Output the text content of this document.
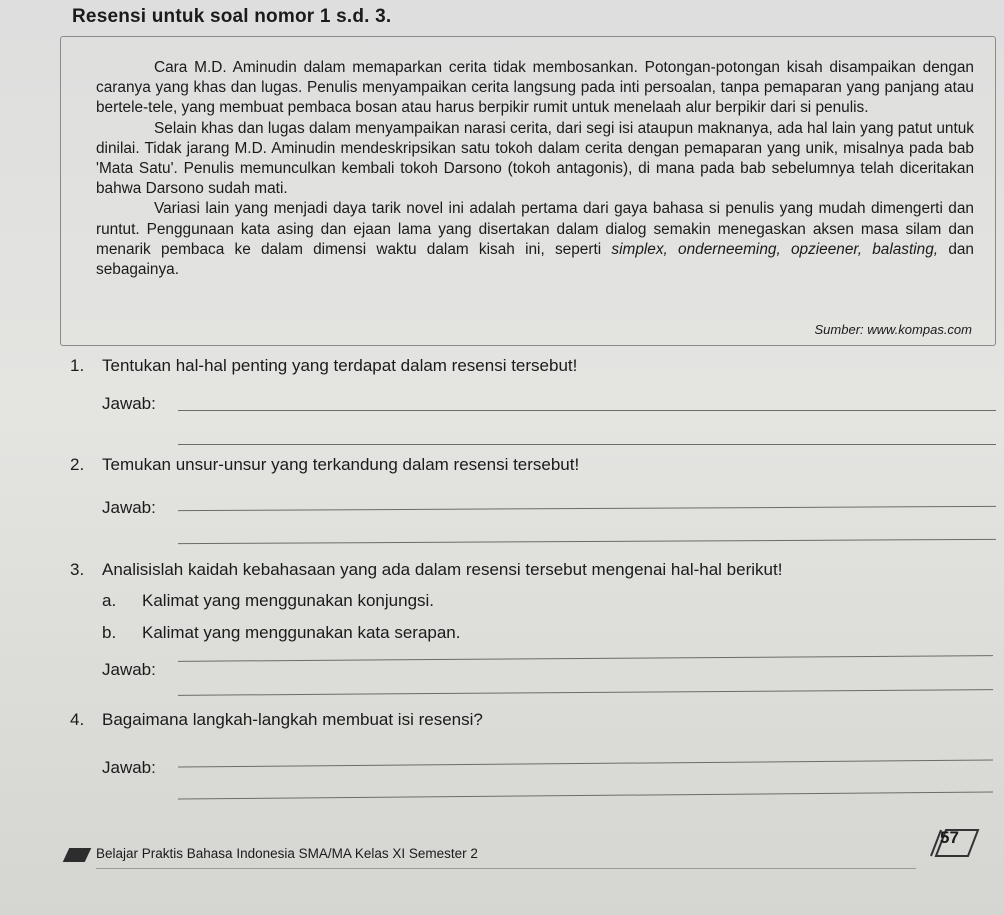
Resensi untuk soal nomor 1 s.d. 3.

Cara M.D. Aminudin dalam memaparkan cerita tidak membosankan. Potongan-potongan kisah disampaikan dengan caranya yang khas dan lugas. Penulis menyampaikan cerita langsung pada inti persoalan, tanpa pemaparan yang panjang atau bertele-tele, yang membuat pembaca bosan atau harus berpikir rumit untuk menelaah alur berpikir dari si penulis.

Selain khas dan lugas dalam menyampaikan narasi cerita, dari segi isi ataupun maknanya, ada hal lain yang patut untuk dinilai. Tidak jarang M.D. Aminudin mendeskripsikan satu tokoh dalam cerita dengan pemaparan yang unik, misalnya pada bab 'Mata Satu'. Penulis memunculkan kembali tokoh Darsono (tokoh antagonis), di mana pada bab sebelumnya telah diceritakan bahwa Darsono sudah mati.

Variasi lain yang menjadi daya tarik novel ini adalah pertama dari gaya bahasa si penulis yang mudah dimengerti dan runtut. Penggunaan kata asing dan ejaan lama yang disertakan dalam dialog semakin menegaskan aksen masa silam dan menarik pembaca ke dalam dimensi waktu dalam kisah ini, seperti simplex, onderneeming, opzieener, balasting, dan sebagainya.

Sumber: www.kompas.com
1. Tentukan hal-hal penting yang terdapat dalam resensi tersebut!
Jawab:
2. Temukan unsur-unsur yang terkandung dalam resensi tersebut!
Jawab:
3. Analisislah kaidah kebahasaan yang ada dalam resensi tersebut mengenai hal-hal berikut!
a. Kalimat yang menggunakan konjungsi.
b. Kalimat yang menggunakan kata serapan.
Jawab:
4. Bagaimana langkah-langkah membuat isi resensi?
Jawab:
Belajar Praktis Bahasa Indonesia SMA/MA Kelas XI Semester 2
57
